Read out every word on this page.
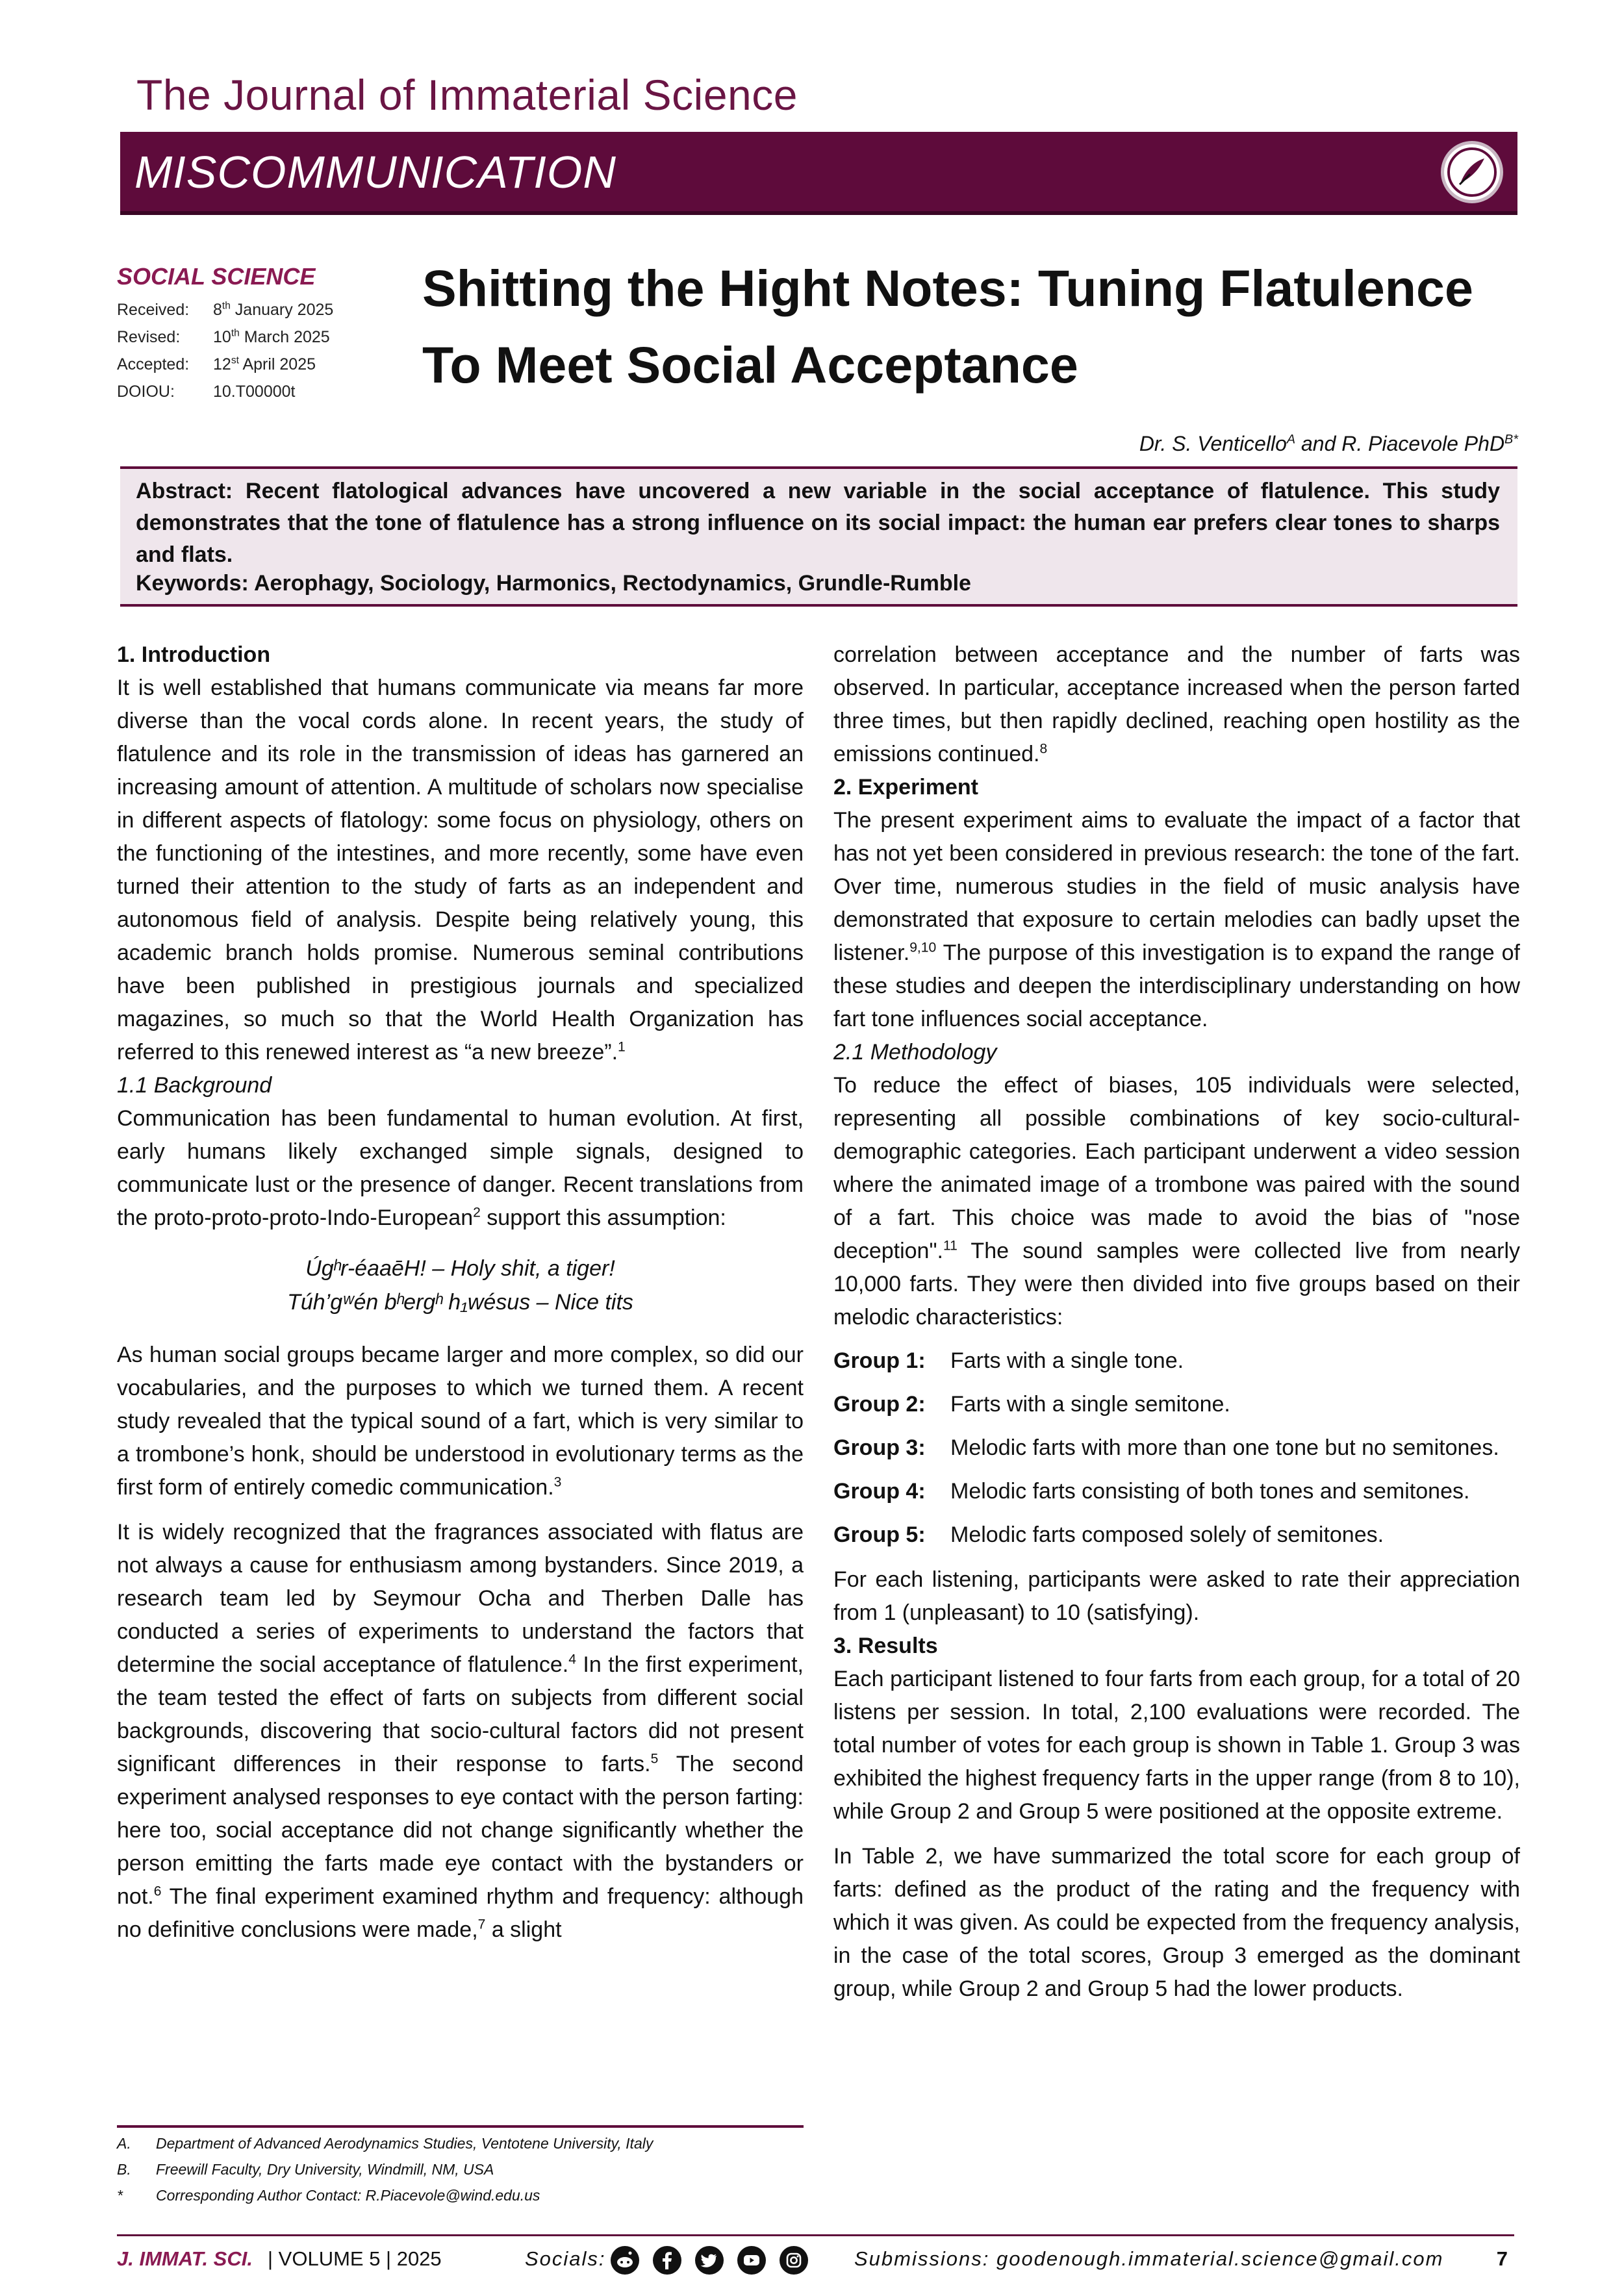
The Journal of Immaterial Science
MISCOMMUNICATION
SOCIAL SCIENCE
Received: 8th January 2025
Revised: 10th March 2025
Accepted: 12st April 2025
DOIOU: 10.T00000t
Shitting the Hight Notes: Tuning Flatulence
To Meet Social Acceptance
Dr. S. Venticello$^A$ and R. Piacevole PhD$^{B*}$
Abstract: Recent flatological advances have uncovered a new variable in the social acceptance of flatulence. This study demonstrates that the tone of flatulence has a strong influence on its social impact: the human ear prefers clear tones to sharps and flats.
Keywords: Aerophagy, Sociology, Harmonics, Rectodynamics, Grundle-Rumble

1. Introduction

It is well established that humans communicate via means far more diverse than the vocal cords alone. In recent years, the study of flatulence and its role in the transmission of ideas has garnered an increasing amount of attention. A multitude of scholars now specialise in different aspects of flatology: some focus on physiology, others on the functioning of the intestines, and more recently, some have even turned their attention to the study of farts as an independent and autonomous field of analysis. Despite being relatively young, this academic branch holds promise. Numerous seminal contributions have been published in prestigious journals and specialized magazines, so much so that the World Health Organization has referred to this renewed interest as “a new breeze”.$^1$

1.1 Background

Communication has been fundamental to human evolution. At first, early humans likely exchanged simple signals, designed to communicate lust or the presence of danger. Recent translations from the proto-proto-proto-Indo-European$^2$ support this assumption:

Úgʰr-éaaēH! – Holy shit, a tiger!
Túh’gʷén bʰergʰ h₁wésus – Nice tits

As human social groups became larger and more complex, so did our vocabularies, and the purposes to which we turned them. A recent study revealed that the typical sound of a fart, which is very similar to a trombone’s honk, should be understood in evolutionary terms as the first form of entirely comedic communication.$^3$

It is widely recognized that the fragrances associated with flatus are not always a cause for enthusiasm among bystanders. Since 2019, a research team led by Seymour Ocha and Therben Dalle has conducted a series of experiments to understand the factors that determine the social acceptance of flatulence.$^4$ In the first experiment, the team tested the effect of farts on subjects from different social backgrounds, discovering that socio-cultural factors did not present significant differences in their response to farts.$^5$ The second experiment analysed responses to eye contact with the person farting: here too, social acceptance did not change significantly whether the person emitting the farts made eye contact with the bystanders or not.$^6$ The final experiment examined rhythm and frequency: although no definitive conclusions were made,$^7$ a slight

correlation between acceptance and the number of farts was observed. In particular, acceptance increased when the person farted three times, but then rapidly declined, reaching open hostility as the emissions continued.$^8$

2. Experiment

The present experiment aims to evaluate the impact of a factor that has not yet been considered in previous research: the tone of the fart. Over time, numerous studies in the field of music analysis have demonstrated that exposure to certain melodies can badly upset the listener.$^{9,10}$ The purpose of this investigation is to expand the range of these studies and deepen the interdisciplinary understanding on how fart tone influences social acceptance.

2.1 Methodology

To reduce the effect of biases, 105 individuals were selected, representing all possible combinations of key socio-cultural-demographic categories. Each participant underwent a video session where the animated image of a trombone was paired with the sound of a fart. This choice was made to avoid the bias of "nose deception".$^{11}$ The sound samples were collected live from nearly 10,000 farts. They were then divided into five groups based on their melodic characteristics:

Group 1:	Farts with a single tone.
Group 2:	Farts with a single semitone.
Group 3:	Melodic farts with more than one tone but no semitones.
Group 4:	Melodic farts consisting of both tones and semitones.
Group 5:	Melodic farts composed solely of semitones.

For each listening, participants were asked to rate their appreciation from 1 (unpleasant) to 10 (satisfying).

3. Results

Each participant listened to four farts from each group, for a total of 20 listens per session. In total, 2,100 evaluations were recorded. The total number of votes for each group is shown in Table 1. Group 3 was exhibited the highest frequency farts in the upper range (from 8 to 10), while Group 2 and Group 5 were positioned at the opposite extreme.

In Table 2, we have summarized the total score for each group of farts: defined as the product of the rating and the frequency with which it was given. As could be expected from the frequency analysis, in the case of the total scores, Group 3 emerged as the dominant group, while Group 2 and Group 5 had the lower products.

A. Department of Advanced Aerodynamics Studies, Ventotene University, Italy
B. Freewill Faculty, Dry University, Windmill, NM, USA
* Corresponding Author Contact: R.Piacevole@wind.edu.us
J. IMMAT. SCI. | VOLUME 5 | 2025	Socials:	Submissions: goodenough.immaterial.science@gmail.com	7
